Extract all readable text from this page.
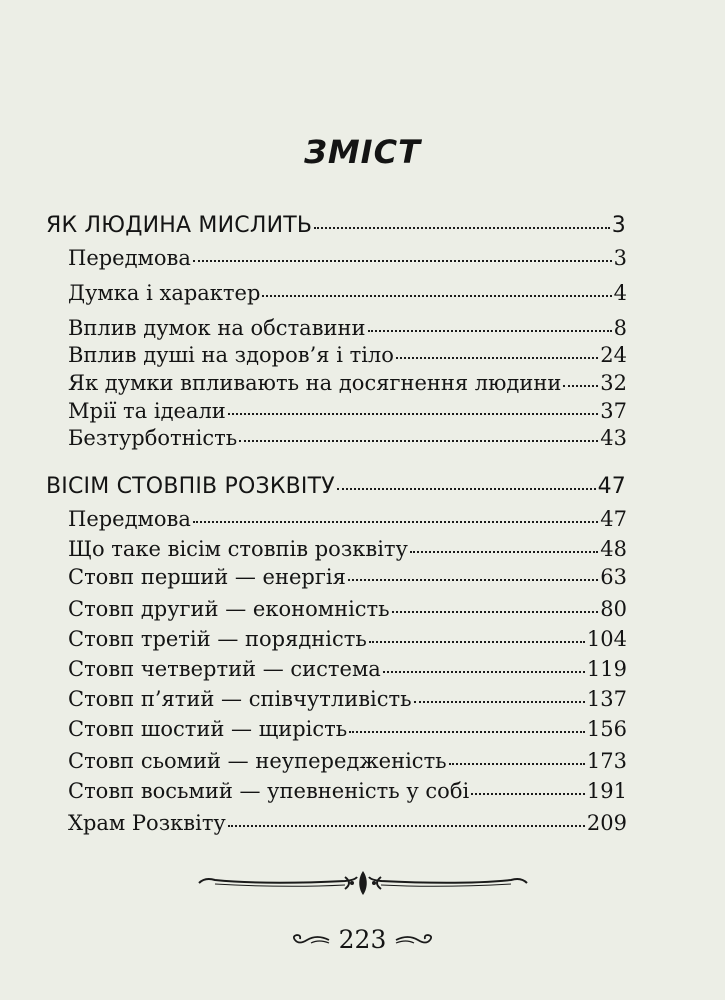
ЗМІСТ
ЯК ЛЮДИНА МИСЛИТЬ	3
Передмова	3
Думка і характер	4
Вплив думок на обставини	8
Вплив душі на здоров’я і тіло	24
Як думки впливають на досягнення людини 32
Мрії та ідеали	37
Безтурботність	43
ВІСІМ СТОВПІВ РОЗКВІТУ	47
Передмова	47
Що таке вісім стовпів розквіту	48
Стовп перший — енергія	63
Стовп другий — економність	80
Стовп третій — порядність	104
Стовп четвертий — система	119
Стовп п’ятий — співчутливість	137
Стовп шостий — щирість	156
Стовп сьомий — неупередженість	173
Стовп восьмий — упевненість у собі	191
Храм Розквіту	209
223
